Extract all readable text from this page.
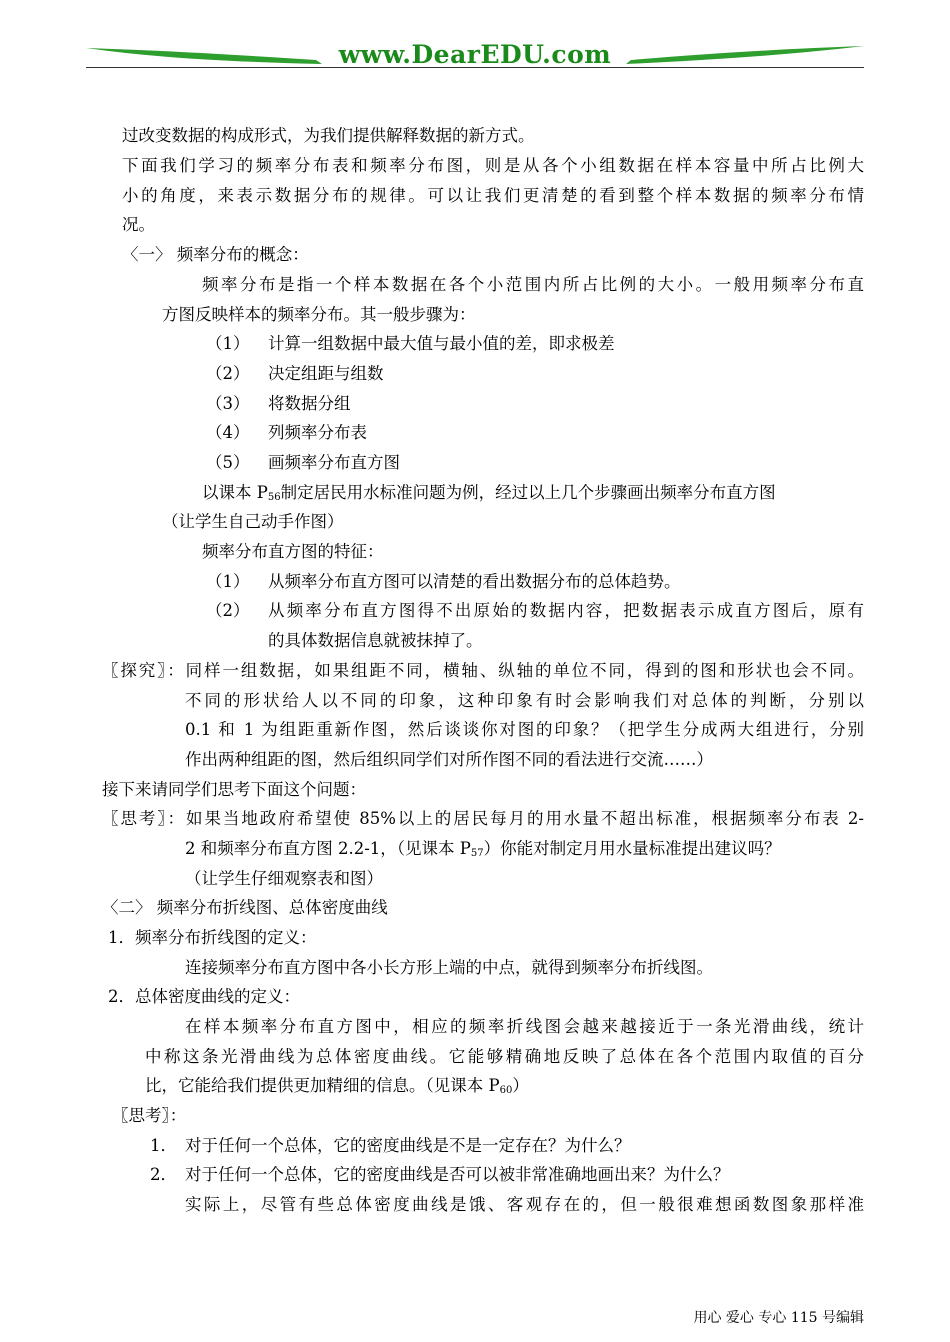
www.DearEDU.com
过改变数据的构成形式，为我们提供解释数据的新方式。
下面我们学习的频率分布表和频率分布图，则是从各个小组数据在样本容量中所占比例大
小的角度，来表示数据分布的规律。可以让我们更清楚的看到整个样本数据的频率分布情
况。
〈一〉 频率分布的概念：
频率分布是指一个样本数据在各个小范围内所占比例的大小。一般用频率分布直
方图反映样本的频率分布。其一般步骤为：
（1） 计算一组数据中最大值与最小值的差，即求极差
（2） 决定组距与组数
（3） 将数据分组
（4） 列频率分布表
（5） 画频率分布直方图
以课本 $P_{56}$制定居民用水标准问题为例，经过以上几个步骤画出频率分布直方图
（让学生自己动手作图）
频率分布直方图的特征：
（1） 从频率分布直方图可以清楚的看出数据分布的总体趋势。
（2） 从频率分布直方图得不出原始的数据内容，把数据表示成直方图后，原有
的具体数据信息就被抹掉了。
〖探究〗：同样一组数据，如果组距不同，横轴、纵轴的单位不同，得到的图和形状也会不同。
不同的形状给人以不同的印象，这种印象有时会影响我们对总体的判断，分别以
0.1 和 1 为组距重新作图，然后谈谈你对图的印象？（把学生分成两大组进行，分别
作出两种组距的图，然后组织同学们对所作图不同的看法进行交流……）
接下来请同学们思考下面这个问题：
〖思考〗：如果当地政府希望使 85%以上的居民每月的用水量不超出标准，根据频率分布表 2-
2 和频率分布直方图 2.2-1，（见课本 $P_{57}$）你能对制定月用水量标准提出建议吗？
（让学生仔细观察表和图）
〈二〉 频率分布折线图、总体密度曲线
1．频率分布折线图的定义：
连接频率分布直方图中各小长方形上端的中点，就得到频率分布折线图。
2．总体密度曲线的定义：
在样本频率分布直方图中，相应的频率折线图会越来越接近于一条光滑曲线，统计
中称这条光滑曲线为总体密度曲线。它能够精确地反映了总体在各个范围内取值的百分
比，它能给我们提供更加精细的信息。（见课本 $P_{60}$）
〖思考〗：
1． 对于任何一个总体，它的密度曲线是不是一定存在？为什么？
2． 对于任何一个总体，它的密度曲线是否可以被非常准确地画出来？为什么？
实际上，尽管有些总体密度曲线是饿、客观存在的，但一般很难想函数图象那样准
用心 爱心 专心 115 号编辑
